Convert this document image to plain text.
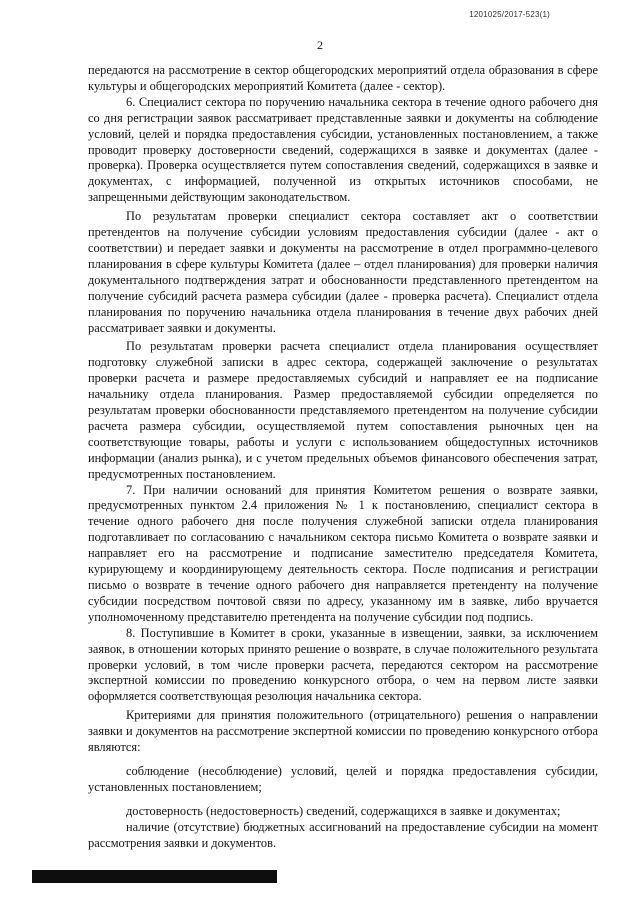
1201025/2017-523(1)
2

передаются на рассмотрение в сектор общегородских мероприятий отдела образования в сфере культуры и общегородских мероприятий Комитета (далее - сектор).

6. Специалист сектора по поручению начальника сектора в течение одного рабочего дня со дня регистрации заявок рассматривает представленные заявки и документы на соблюдение условий, целей и порядка предоставления субсидии, установленных постановлением, а также проводит проверку достоверности сведений, содержащихся в заявке и документах (далее - проверка). Проверка осуществляется путем сопоставления сведений, содержащихся в заявке и документах, с информацией, полученной из открытых источников способами, не запрещенными действующим законодательством.

По результатам проверки специалист сектора составляет акт о соответствии претендентов на получение субсидии условиям предоставления субсидии (далее - акт о соответствии) и передает заявки и документы на рассмотрение в отдел программно-целевого планирования в сфере культуры Комитета (далее – отдел планирования) для проверки наличия документального подтверждения затрат и обоснованности представленного претендентом на получение субсидий расчета размера субсидии (далее - проверка расчета). Специалист отдела планирования по поручению начальника отдела планирования в течение двух рабочих дней рассматривает заявки и документы.

По результатам проверки расчета специалист отдела планирования осуществляет подготовку служебной записки в адрес сектора, содержащей заключение о результатах проверки расчета и размере предоставляемых субсидий и направляет ее на подписание начальнику отдела планирования. Размер предоставляемой субсидии определяется по результатам проверки обоснованности представляемого претендентом на получение субсидии расчета размера субсидии, осуществляемой путем сопоставления рыночных цен на соответствующие товары, работы и услуги с использованием общедоступных источников информации (анализ рынка), и с учетом предельных объемов финансового обеспечения затрат, предусмотренных постановлением.

7. При наличии оснований для принятия Комитетом решения о возврате заявки, предусмотренных пунктом 2.4 приложения № 1 к постановлению, специалист сектора в течение одного рабочего дня после получения служебной записки отдела планирования подготавливает по согласованию с начальником сектора письмо Комитета о возврате заявки и направляет его на рассмотрение и подписание заместителю председателя Комитета, курирующему и координирующему деятельность сектора. После подписания и регистрации письмо о возврате в течение одного рабочего дня направляется претенденту на получение субсидии посредством почтовой связи по адресу, указанному им в заявке, либо вручается уполномоченному представителю претендента на получение субсидии под подпись.

8. Поступившие в Комитет в сроки, указанные в извещении, заявки, за исключением заявок, в отношении которых принято решение о возврате, в случае положительного результата проверки условий, в том числе проверки расчета, передаются сектором на рассмотрение экспертной комиссии по проведению конкурсного отбора, о чем на первом листе заявки оформляется соответствующая резолюция начальника сектора.

Критериями для принятия положительного (отрицательного) решения о направлении заявки и документов на рассмотрение экспертной комиссии по проведению конкурсного отбора являются:

соблюдение (несоблюдение) условий, целей и порядка предоставления субсидии, установленных постановлением;

достоверность (недостоверность) сведений, содержащихся в заявке и документах;

наличие (отсутствие) бюджетных ассигнований на предоставление субсидии на момент рассмотрения заявки и документов.
